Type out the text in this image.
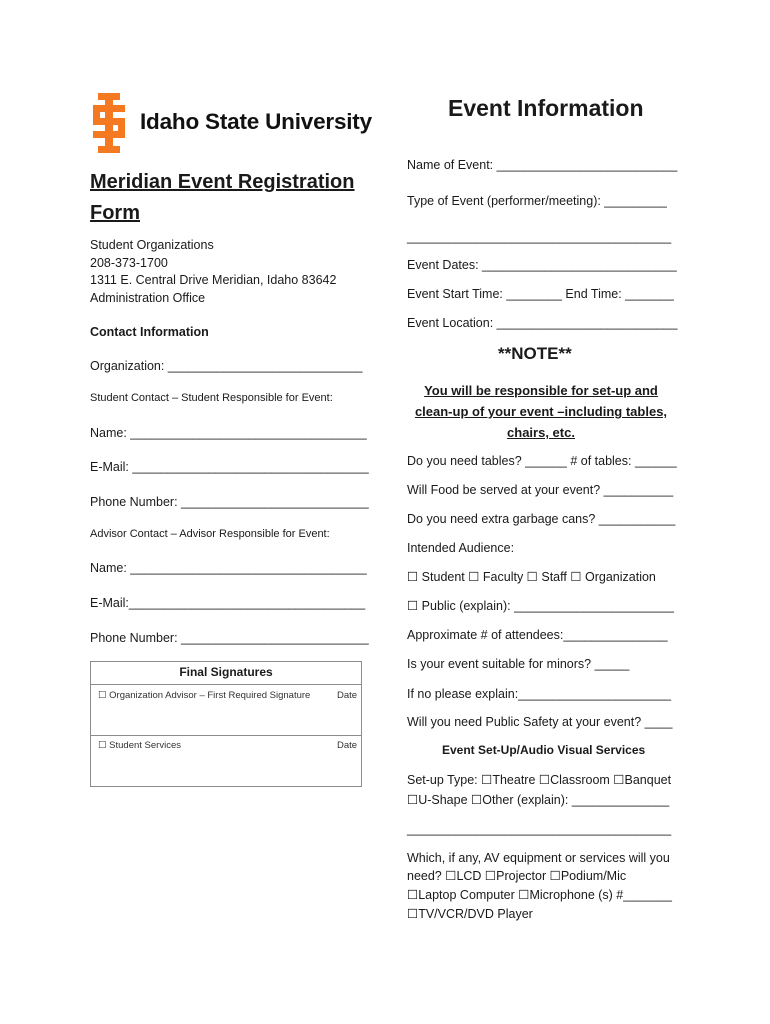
Idaho State University
Meridian Event Registration Form
Student Organizations
208-373-1700
1311 E. Central Drive Meridian, Idaho 83642
Administration Office
Contact Information
Organization: ____________________________
Student Contact – Student Responsible for Event:
Name: __________________________________
E-Mail: __________________________________
Phone Number: ___________________________
Advisor Contact – Advisor Responsible for Event:
Name: __________________________________
E-Mail:__________________________________
Phone Number: ___________________________
Final Signatures
☐ Organization Advisor – First Required Signature	Date
☐ Student Services	Date
Event Information
Name of Event: __________________________
Type of Event (performer/meeting): _________
______________________________________
Event Dates: ____________________________
Event Start Time: ________ End Time: _______
Event Location: __________________________
**NOTE**
You will be responsible for set-up and clean-up of your event –including tables, chairs, etc.
Do you need tables? ______ # of tables: ______
Will Food be served at your event? __________
Do you need extra garbage cans? ___________
Intended Audience:
☐ Student ☐ Faculty ☐ Staff ☐ Organization
☐ Public (explain): _______________________
Approximate # of attendees:_______________
Is your event suitable for minors? _____
If no please explain:______________________
Will you need Public Safety at your event? ____
Event Set-Up/Audio Visual Services
Set-up Type: ☐Theatre ☐Classroom ☐Banquet
☐U-Shape ☐Other (explain): ______________
______________________________________
Which, if any, AV equipment or services will you
need? ☐LCD ☐Projector ☐Podium/Mic
☐Laptop Computer ☐Microphone (s) #_______
☐TV/VCR/DVD Player
